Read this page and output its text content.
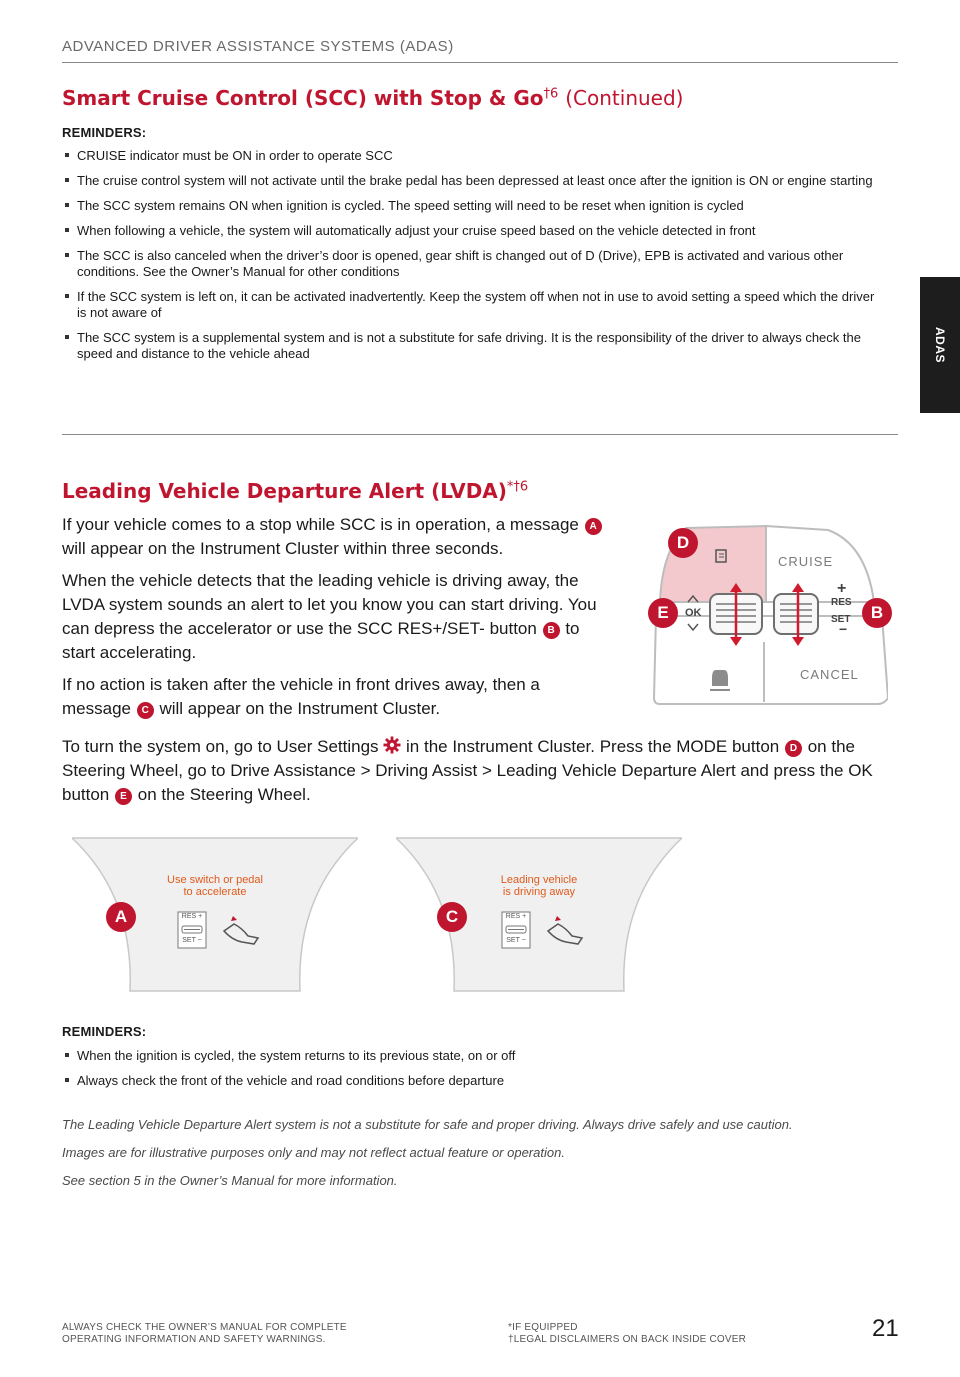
ADVANCED DRIVER ASSISTANCE SYSTEMS (ADAS)
ADAS
Smart Cruise Control (SCC) with Stop & Go$^{\dagger 6}$ (Continued)
REMINDERS:
CRUISE indicator must be ON in order to operate SCC
The cruise control system will not activate until the brake pedal has been depressed at least once after the ignition is ON or engine starting
The SCC system remains ON when ignition is cycled. The speed setting will need to be reset when ignition is cycled
When following a vehicle, the system will automatically adjust your cruise speed based on the vehicle detected in front
The SCC is also canceled when the driver’s door is opened, gear shift is changed out of D (Drive), EPB is activated and various other conditions. See the Owner’s Manual for other conditions
If the SCC system is left on, it can be activated inadvertently. Keep the system off when not in use to avoid setting a speed which the driver is not aware of
The SCC system is a supplemental system and is not a substitute for safe driving. It is the responsibility of the driver to always check the speed and distance to the vehicle ahead
Leading Vehicle Departure Alert (LVDA)$^{*\dagger 6}$

If your vehicle comes to a stop while SCC is in operation, a message A will appear on the Instrument Cluster within three seconds.

When the vehicle detects that the leading vehicle is driving away, the LVDA system sounds an alert to let you know you can start driving. You can depress the accelerator or use the SCC RES+/SET- button B to start accelerating.

If no action is taken after the vehicle in front drives away, then a message C will appear on the Instrument Cluster.

To turn the system on, go to User Settings in the Instrument Cluster. Press the MODE button D on the Steering Wheel, go to Drive Assistance > Driving Assist > Leading Vehicle Departure Alert and press the OK button E on the Steering Wheel.

CRUISE
CANCEL
OK
+
RES
SET
−
D
E	B
Use switch or pedal
to accelerate
RES +
SET −
A
Leading vehicle
is driving away
RES +
SET −
C
REMINDERS:
When the ignition is cycled, the system returns to its previous state, on or off
Always check the front of the vehicle and road conditions before departure

The Leading Vehicle Departure Alert system is not a substitute for safe and proper driving. Always drive safely and use caution.

Images are for illustrative purposes only and may not reflect actual feature or operation.

See section 5 in the Owner’s Manual for more information.

ALWAYS CHECK THE OWNER’S MANUAL FOR COMPLETE
OPERATING INFORMATION AND SAFETY WARNINGS.	21
*IF EQUIPPED
†LEGAL DISCLAIMERS ON BACK INSIDE COVER
